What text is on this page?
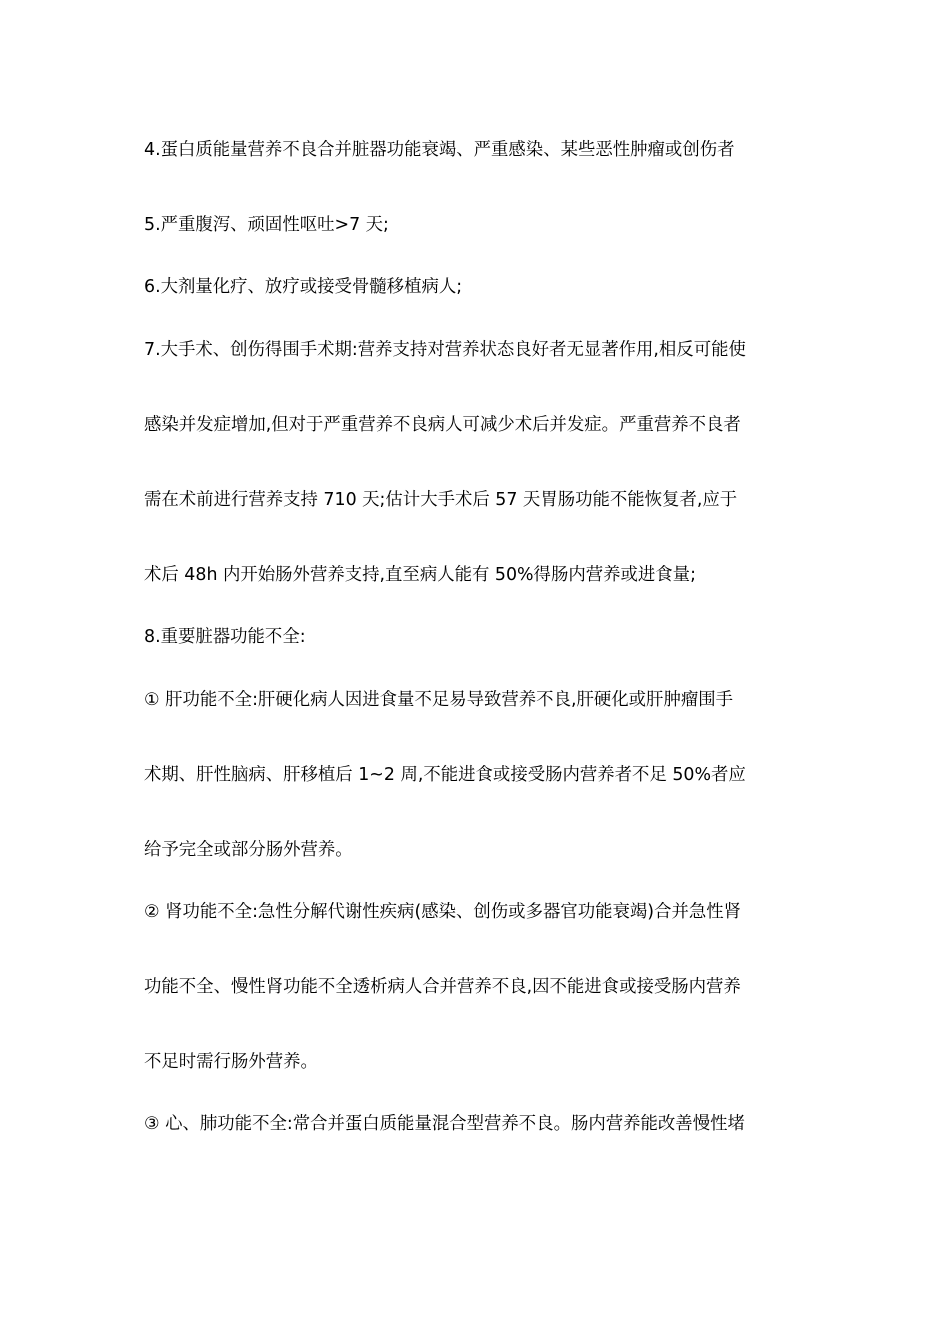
4.蛋白质能量营养不良合并脏器功能衰竭、严重感染、某些恶性肿瘤或创伤者
5.严重腹泻、顽固性呕吐>7 天;
6.大剂量化疗、放疗或接受骨髓移植病人;
7.大手术、创伤得围手术期:营养支持对营养状态良好者无显著作用,相反可能使
感染并发症增加,但对于严重营养不良病人可减少术后并发症。严重营养不良者
需在术前进行营养支持 710 天;估计大手术后 57 天胃肠功能不能恢复者,应于
术后 48h 内开始肠外营养支持,直至病人能有 50%得肠内营养或进食量;
8.重要脏器功能不全:
① 肝功能不全:肝硬化病人因进食量不足易导致营养不良,肝硬化或肝肿瘤围手
术期、肝性脑病、肝移植后 1~2 周,不能进食或接受肠内营养者不足 50%者应
给予完全或部分肠外营养。
② 肾功能不全:急性分解代谢性疾病(感染、创伤或多器官功能衰竭)合并急性肾
功能不全、慢性肾功能不全透析病人合并营养不良,因不能进食或接受肠内营养
不足时需行肠外营养。
③ 心、肺功能不全:常合并蛋白质能量混合型营养不良。肠内营养能改善慢性堵
